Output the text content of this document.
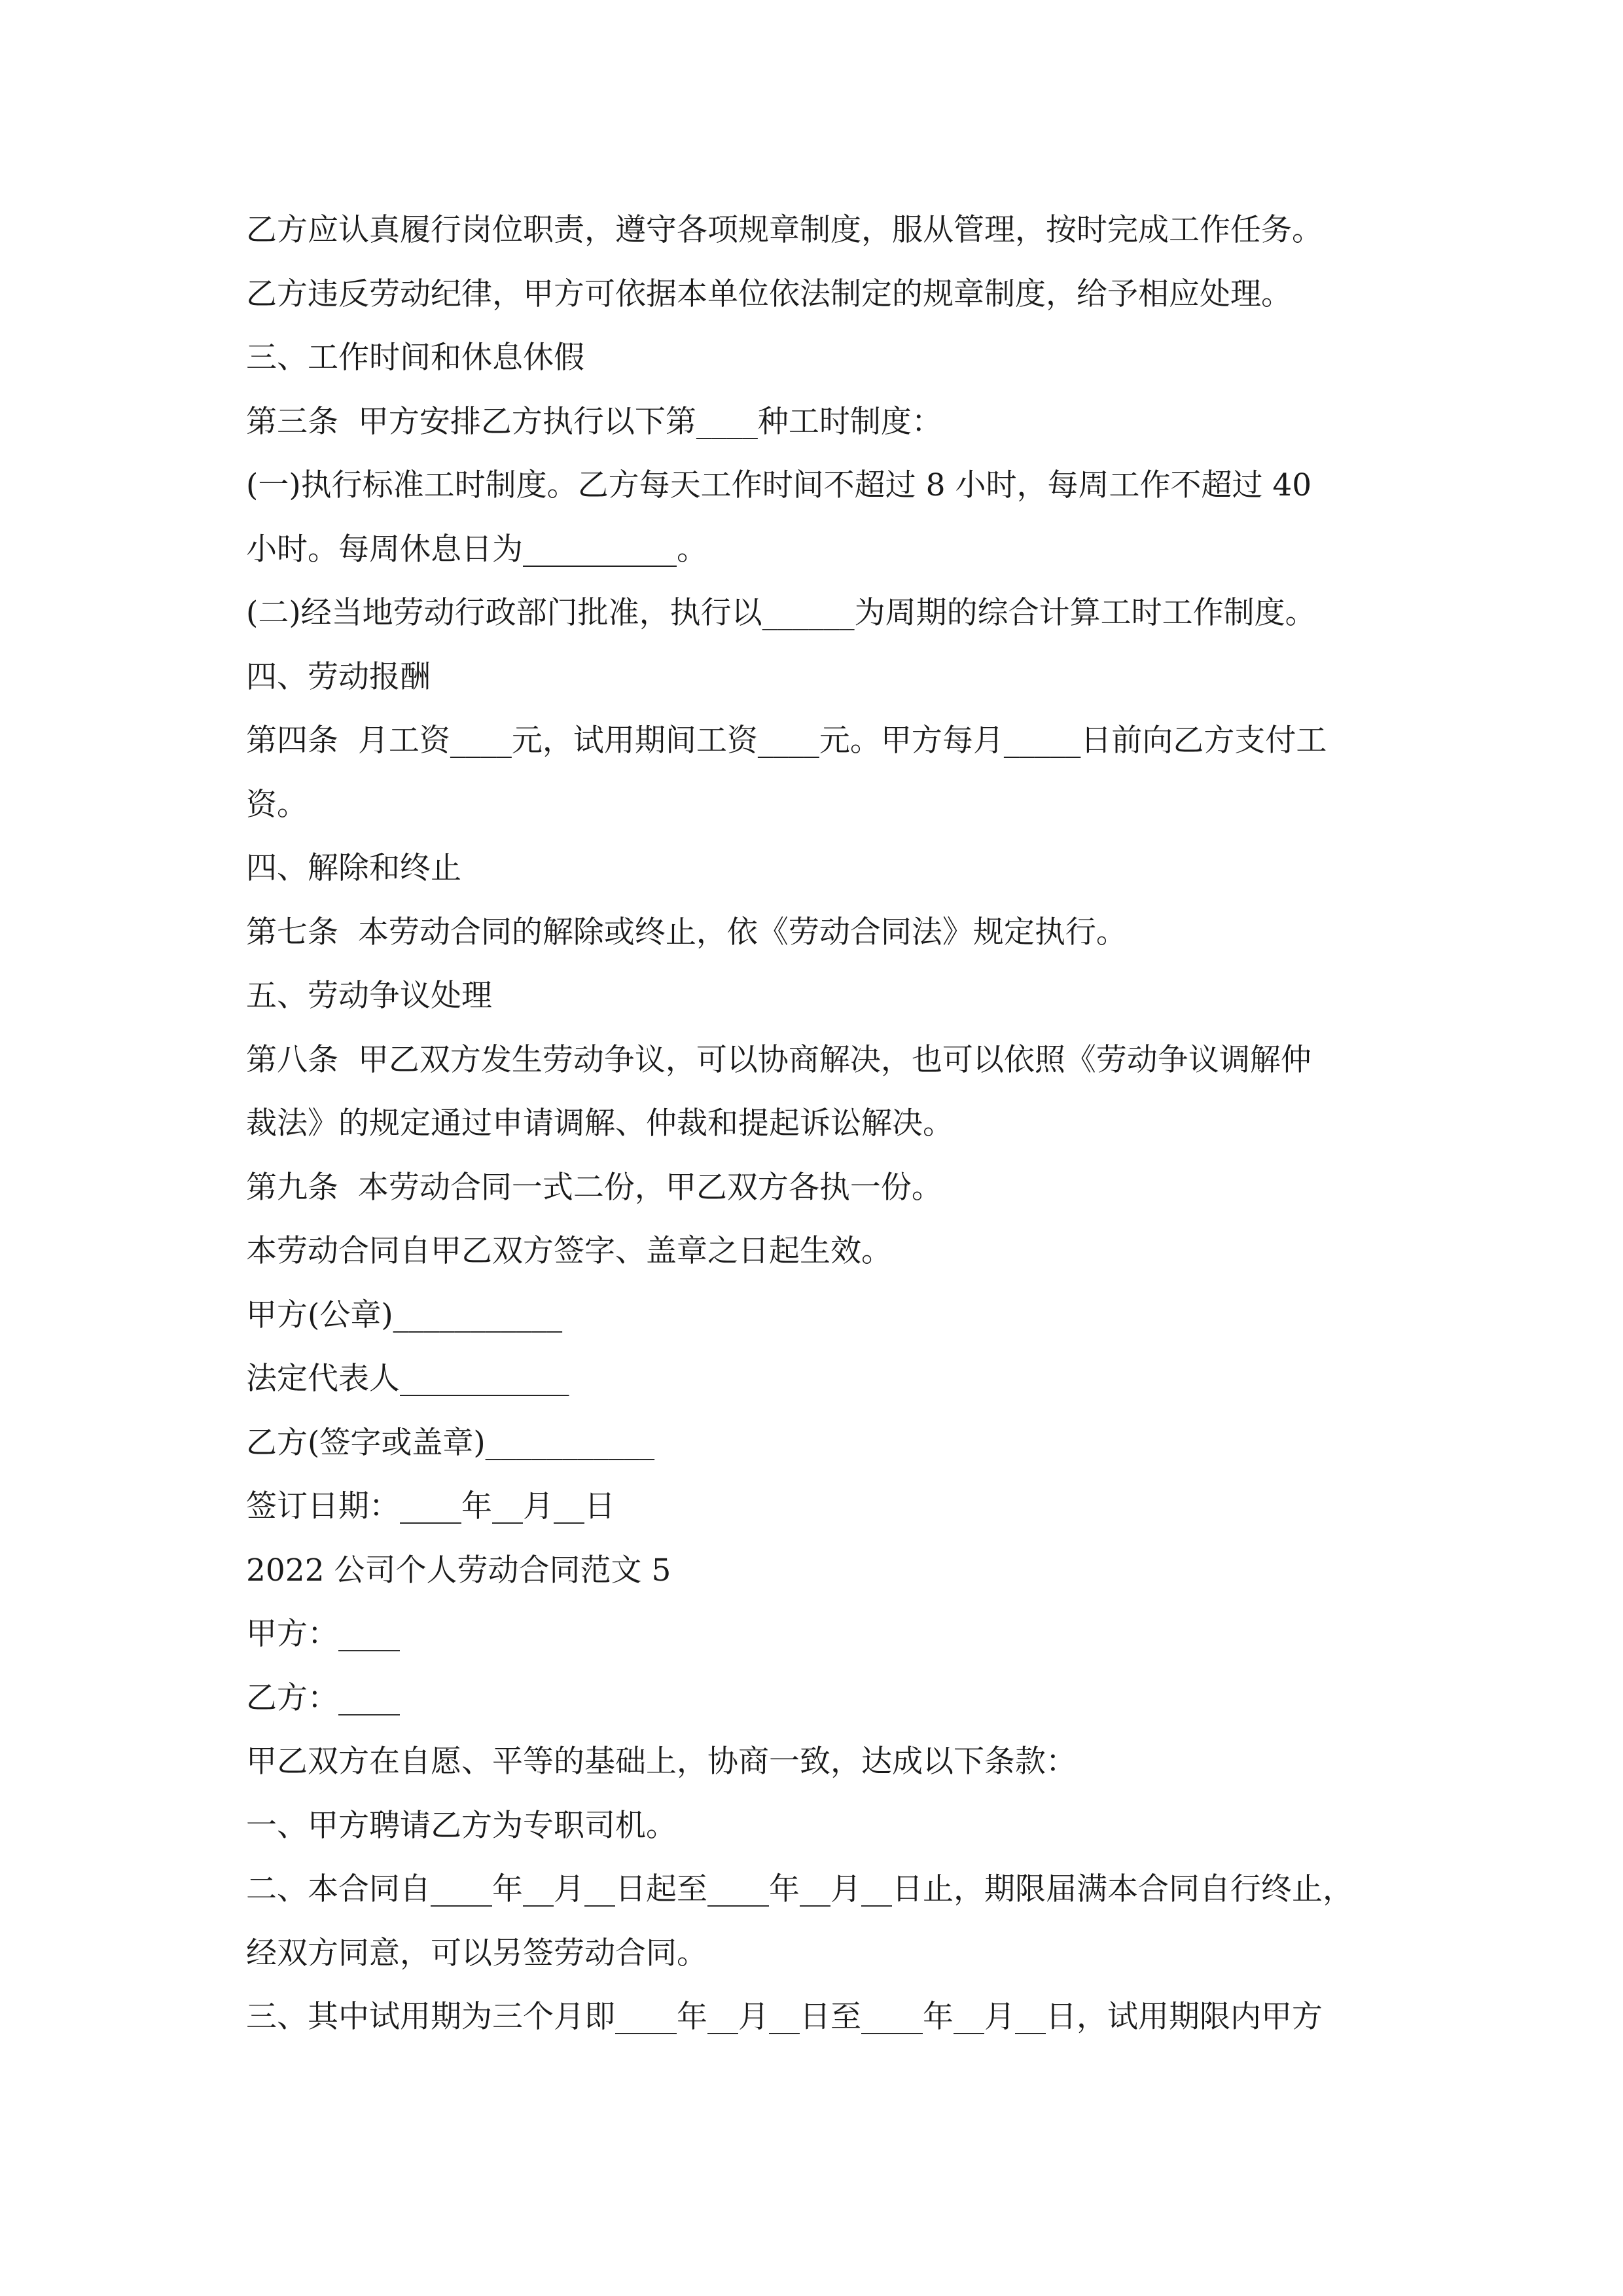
乙方应认真履行岗位职责，遵守各项规章制度，服从管理，按时完成工作任务。
乙方违反劳动纪律，甲方可依据本单位依法制定的规章制度，给予相应处理。
三、工作时间和休息休假
第三条  甲方安排乙方执行以下第____种工时制度：
(一)执行标准工时制度。乙方每天工作时间不超过 8 小时，每周工作不超过 40
小时。每周休息日为__________。
(二)经当地劳动行政部门批准，执行以______为周期的综合计算工时工作制度。
四、劳动报酬
第四条  月工资____元，试用期间工资____元。甲方每月_____日前向乙方支付工
资。
四、解除和终止
第七条  本劳动合同的解除或终止，依《劳动合同法》规定执行。
五、劳动争议处理
第八条  甲乙双方发生劳动争议，可以协商解决，也可以依照《劳动争议调解仲
裁法》的规定通过申请调解、仲裁和提起诉讼解决。
第九条  本劳动合同一式二份，甲乙双方各执一份。
本劳动合同自甲乙双方签字、盖章之日起生效。
甲方(公章)___________
法定代表人___________
乙方(签字或盖章)___________
签订日期：____年__月__日
2022 公司个人劳动合同范文 5
甲方：____
乙方：____
甲乙双方在自愿、平等的基础上，协商一致，达成以下条款：
一、甲方聘请乙方为专职司机。
二、本合同自____年__月__日起至____年__月__日止，期限届满本合同自行终止，
经双方同意，可以另签劳动合同。
三、其中试用期为三个月即____年__月__日至____年__月__日，试用期限内甲方
